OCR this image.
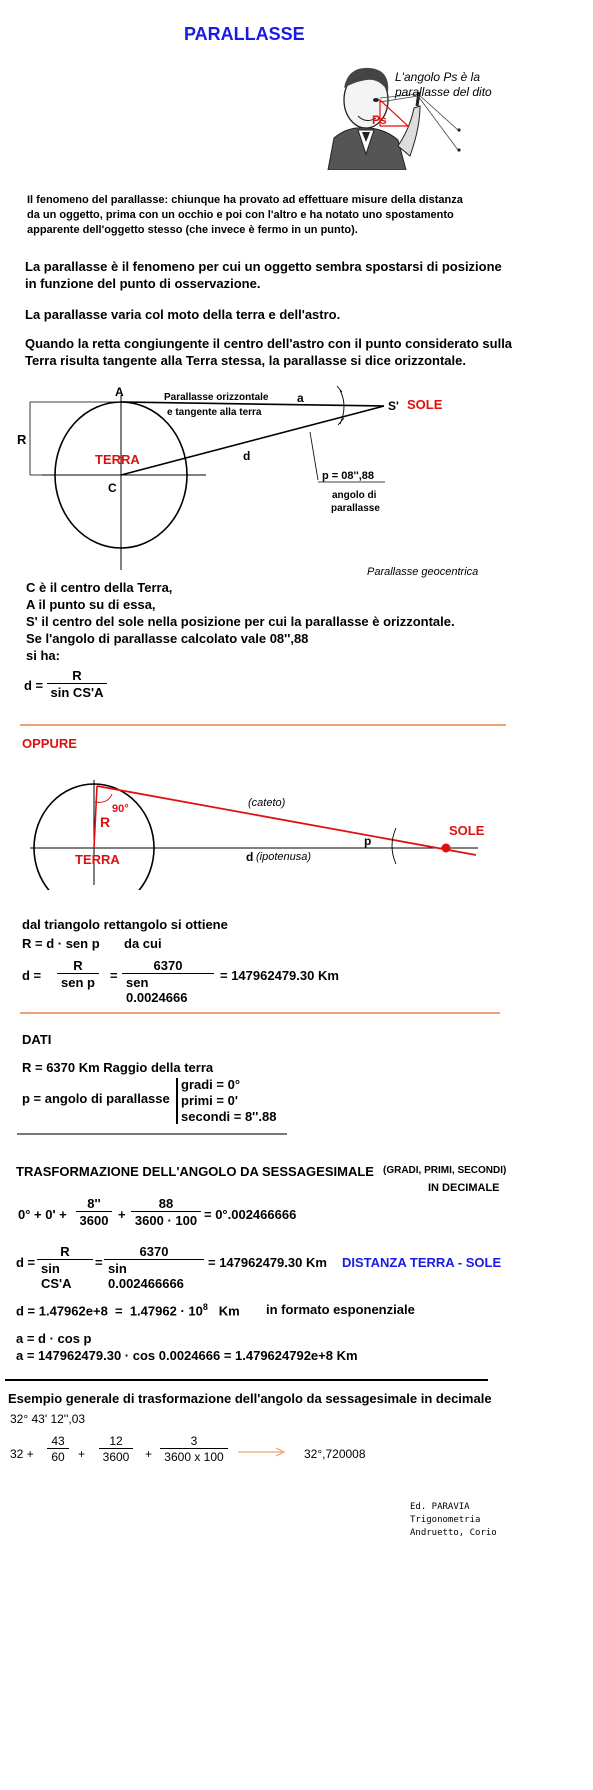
PARALLASSE
Ps
L'angolo Ps è la
parallasse del dito
Il fenomeno del parallasse: chiunque ha provato ad effettuare misure della distanza
da un oggetto, prima con un occhio e poi con l'altro e ha notato uno spostamento
apparente dell'oggetto stesso (che invece è fermo in un punto).
La parallasse è il fenomeno per cui un oggetto sembra spostarsi di posizione
in funzione del punto di osservazione.
La parallasse varia col moto della terra e dell'astro.
Quando la retta congiungente il centro dell'astro con il punto considerato sulla
Terra risulta tangente alla Terra stessa, la parallasse si dice orizzontale.
A
R
C
TERRA
Parallasse orizzontale
e tangente alla terra
a
d
S' SOLE
p = 08'',88
angolo di
parallasse
Parallasse geocentrica
C è il centro della Terra,
A il punto su di essa,
S' il centro del sole nella posizione per cui la parallasse è orizzontale.
Se l'angolo di parallasse calcolato vale 08'',88
si ha:
$d = \frac{R}{\text{sin CS'A}}$
OPPURE
90°
R
TERRA
(cateto)
p
SOLE
d (ipotenusa)
dal triangolo rettangolo si ottiene
R = d · sen p da cui
d =
R
sen p	=
6370
sen 0.0024666
= 147962479.30 Km
DATI
R = 6370 Km Raggio della terra
p = angolo di parallasse
gradi = 0°
primi = 0'
secondi = 8''.88
TRASFORMAZIONE DELL'ANGOLO DA SESSAGESIMALE (GRADI, PRIMI, SECONDI)
IN DECIMALE
$0^\circ + 0' + \frac{8''}{3600} + \frac{88}{3600 \cdot 100} = 0^\circ.002466666$
$d = \frac{R}{\text{sin CS'A}} = \frac{6370}{\sin 0.002466666} = 147962479.30$ Km DISTANZA TERRA - SOLE
$d = 1.47962e+8 = 1.47962 \cdot 10^8$ Km in formato esponenziale
a = d · cos p
a = 147962479.30 · cos 0.0024666 = 1.479624792e+8 Km
Esempio generale di trasformazione dell'angolo da sessagesimale in decimale
32° 43' 12'',03
$32 + \frac{43}{60} + \frac{12}{3600} + \frac{3}{3600 x 100}$	32°,720008
Ed. PARAVIA
Trigonometria
Andruetto, Corio
